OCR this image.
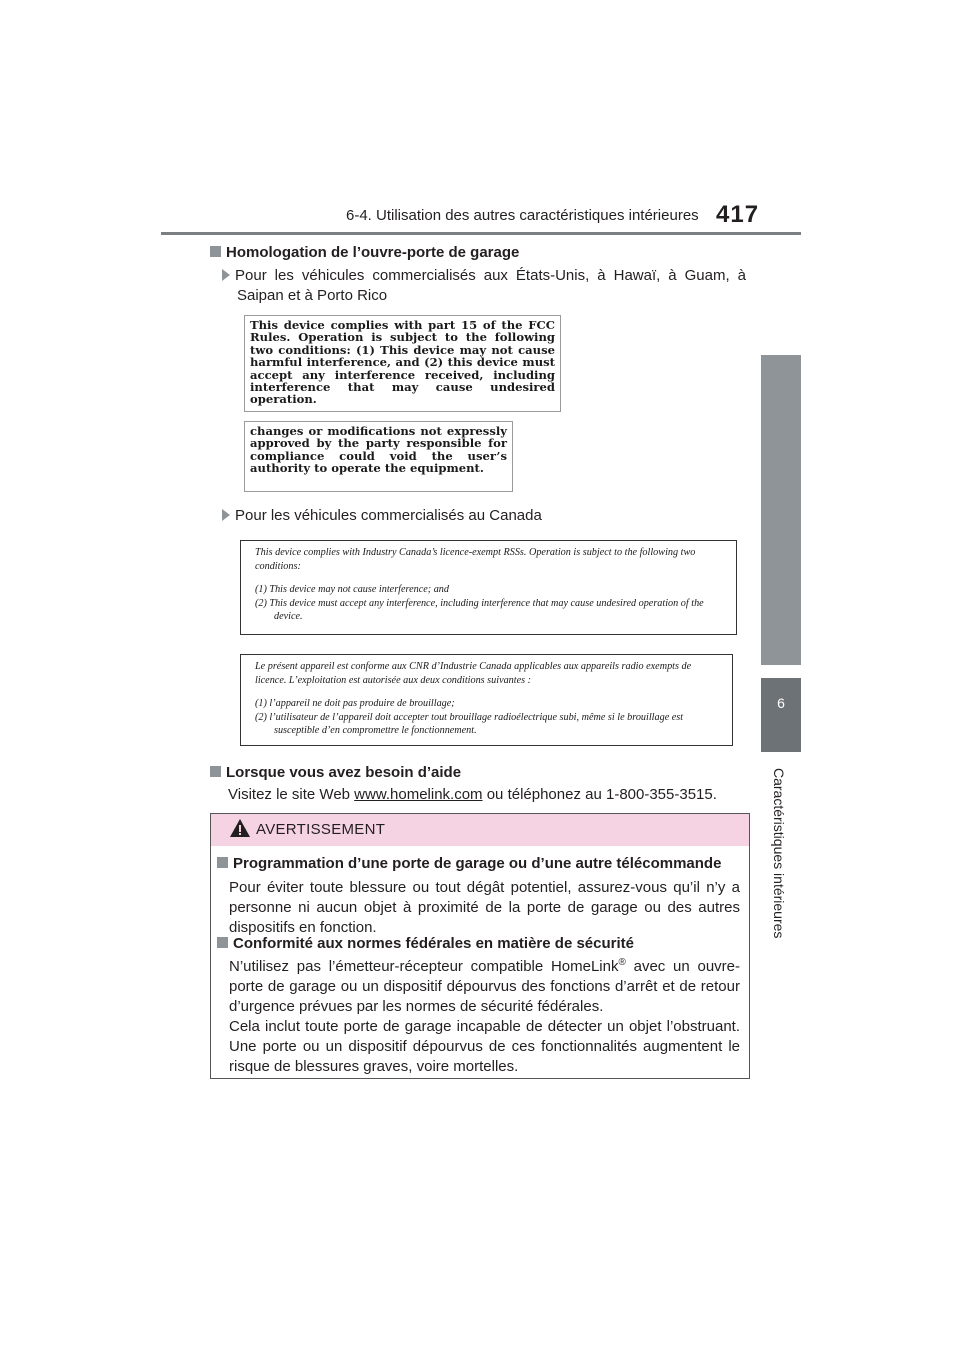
6-4. Utilisation des autres caractéristiques intérieures 417
6
Caractéristiques intérieures
Homologation de l’ouvre-porte de garage
Pour les véhicules commercialisés aux États-Unis, à Hawaï, à Guam, à Saipan et à Porto Rico
This device complies with part 15 of the FCC Rules. Operation is subject to the following two conditions: (1) This device may not cause harmful interference, and (2) this device must accept any interference received, including interference that may cause undesired operation.
changes or modifications not expressly approved by the party responsible for compliance could void the user’s authority to operate the equipment.
Pour les véhicules commercialisés au Canada

This device complies with Industry Canada’s licence-exempt RSSs. Operation is subject to the following two conditions:

(1) This device may not cause interference; and

(2) This device must accept any interference, including interference that may cause undesired operation of the device.

Le présent appareil est conforme aux CNR d’Industrie Canada applicables aux appareils radio exempts de licence. L’exploitation est autorisée aux deux conditions suivantes :

(1) l’appareil ne doit pas produire de brouillage;

(2) l’utilisateur de l’appareil doit accepter tout brouillage radioélectrique subi, même si le brouillage est susceptible d’en compromettre le fonctionnement.

Lorsque vous avez besoin d’aide
Visitez le site Web www.homelink.com ou téléphonez au 1-800-355-3515.
AVERTISSEMENT
Programmation d’une porte de garage ou d’une autre télécommande
Pour éviter toute blessure ou tout dégât potentiel, assurez-vous qu’il n’y a personne ni aucun objet à proximité de la porte de garage ou des autres dispositifs en fonction.
Conformité aux normes fédérales en matière de sécurité
N’utilisez pas l’émetteur-récepteur compatible HomeLink® avec un ouvre-porte de garage ou un dispositif dépourvus des fonctions d’arrêt et de retour d’urgence prévues par les normes de sécurité fédérales.
Cela inclut toute porte de garage incapable de détecter un objet l’obstruant. Une porte ou un dispositif dépourvus de ces fonctionnalités augmentent le risque de blessures graves, voire mortelles.
